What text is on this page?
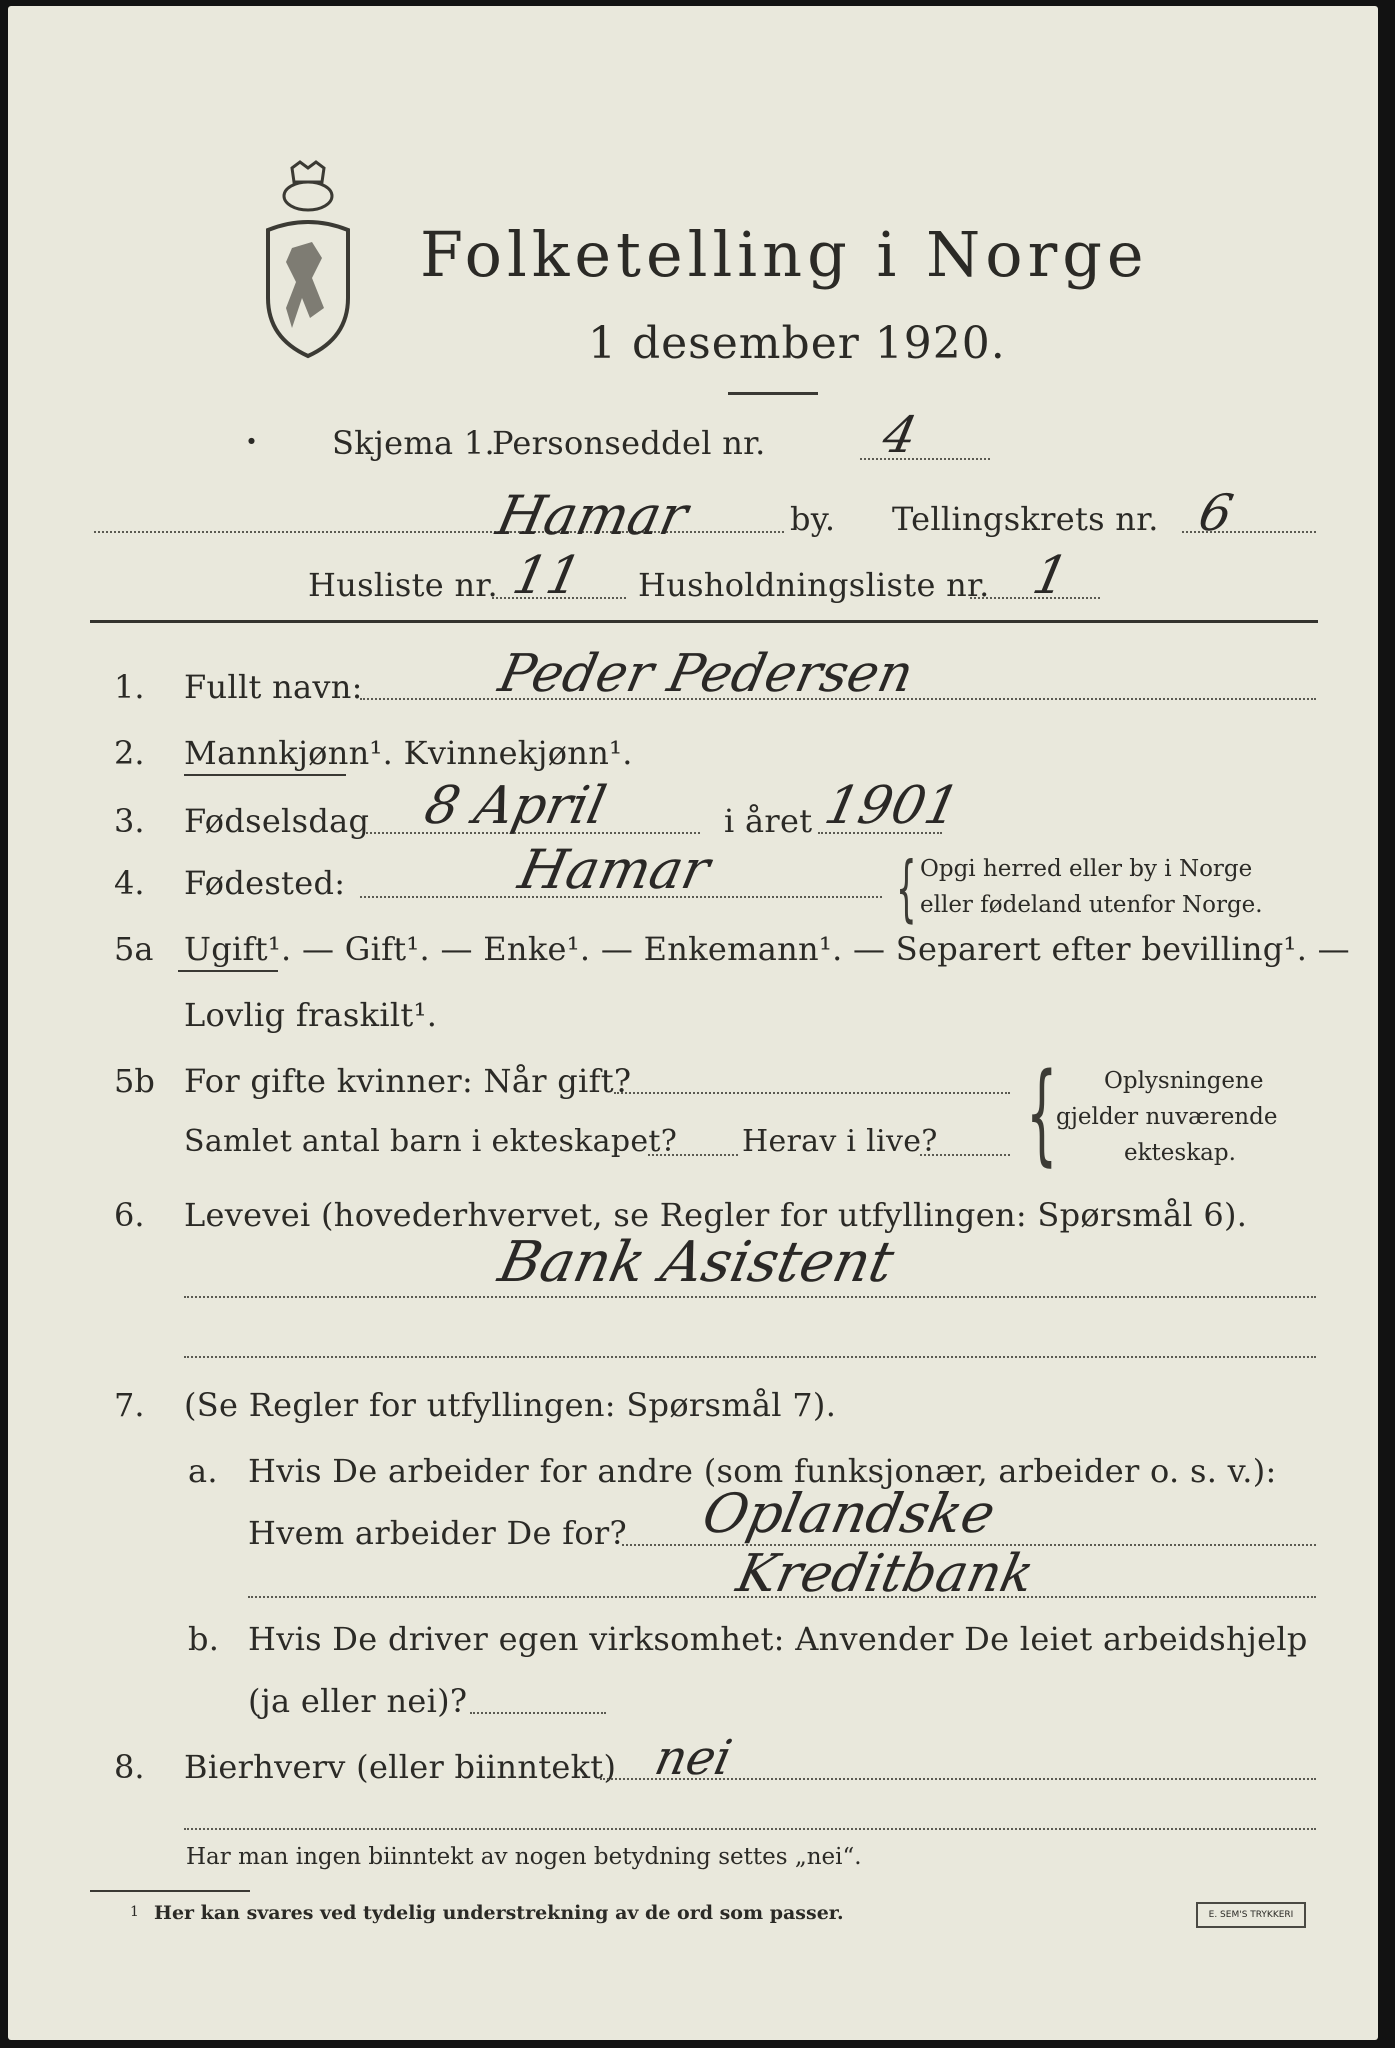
Folketelling i Norge
1 desember 1920.
● Skjema 1.
Personseddel nr. 4
Hamar	by. Tellingskrets nr. 6
Husliste nr. 11 Husholdningsliste nr. 1
1. Fullt navn:	Peder Pedersen
2. Mannkjønn¹. Kvinnekjønn¹.
3. Fødselsdag 8 April	i året 1901
4. Fødested:	Hamar	{ Opgi herred eller by i Norge
eller fødeland utenfor Norge.
5a Ugift¹. — Gift¹. — Enke¹. — Enkemann¹. — Separert efter bevilling¹. —
Lovlig fraskilt¹.
5b For gifte kvinner: Når gift?
Samlet antal barn i ekteskapet? Herav i live? { Oplysningene
gjelder nuværende
ekteskap.
6. Levevei (hovederhvervet, se Regler for utfyllingen: Spørsmål 6).
Bank Asistent
7. (Se Regler for utfyllingen: Spørsmål 7).
a. Hvis De arbeider for andre (som funksjonær, arbeider o. s. v.):
Hvem arbeider De for? Oplandske
Kreditbank
b. Hvis De driver egen virksomhet: Anvender De leiet arbeidshjelp
(ja eller nei)?
8. Bierhverv (eller biinntekt) nei
Har man ingen biinntekt av nogen betydning settes „nei“.
1 Her kan svares ved tydelig understrekning av de ord som passer.	E. SEM'S TRYKKERI
